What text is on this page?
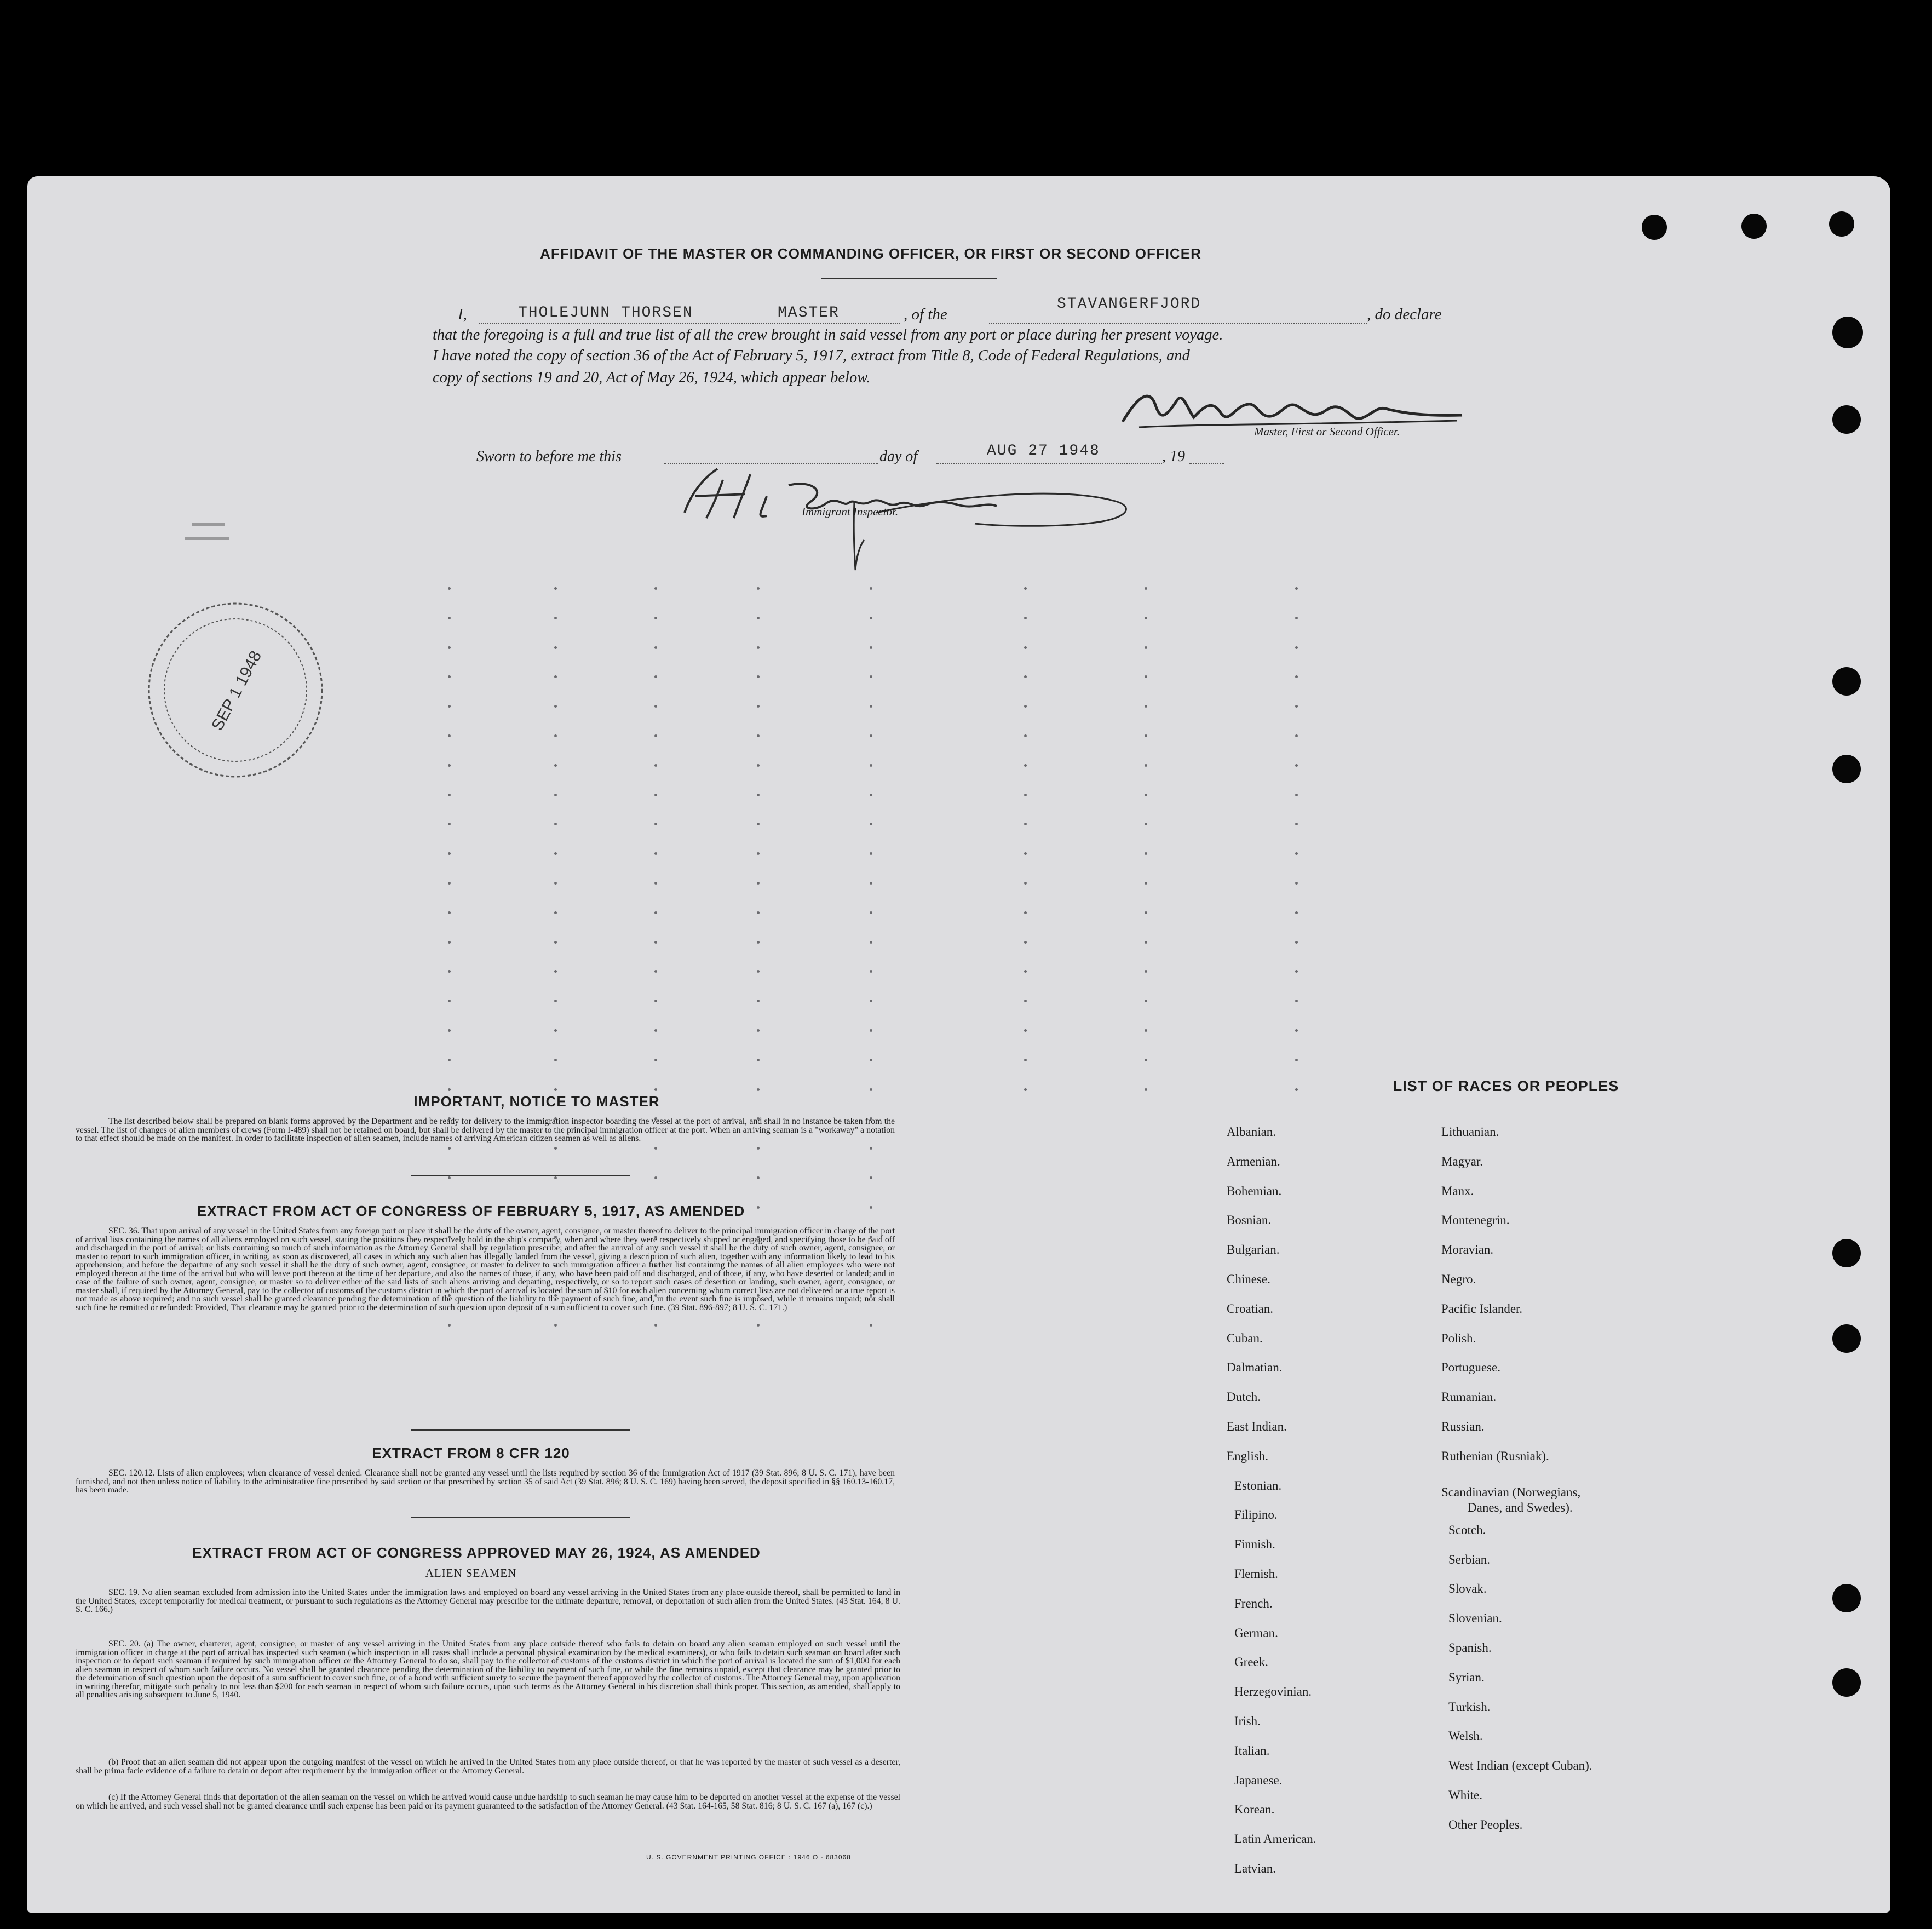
AFFIDAVIT OF THE MASTER OR COMMANDING OFFICER, OR FIRST OR SECOND OFFICER
I,	THOLEJUNN THORSEN	MASTER	, of the
STAVANGERFJORD
, do declare
that the foregoing is a full and true list of all the crew brought in said vessel from any port or place during her present voyage.
I have noted the copy of section 36 of the Act of February 5, 1917, extract from Title 8, Code of Federal Regulations, and
copy of sections 19 and 20, Act of May 26, 1924, which appear below.
Master, First or Second Officer.
Sworn to before me this	day of	AUG 27 1948	, 19
Immigrant Inspector.
SEP 1 1948
IMPORTANT, NOTICE TO MASTER
The list described below shall be prepared on blank forms approved by the Department and be ready for delivery to the immigration inspector boarding the vessel at the port of arrival, and shall in no instance be taken from the vessel. The list of changes of alien members of crews (Form I-489) shall not be retained on board, but shall be delivered by the master to the principal immigration officer at the port. When an arriving seaman is a "workaway" a notation to that effect should be made on the manifest. In order to facilitate inspection of alien seamen, include names of arriving American citizen seamen as well as aliens.
EXTRACT FROM ACT OF CONGRESS OF FEBRUARY 5, 1917, AS AMENDED
SEC. 36. That upon arrival of any vessel in the United States from any foreign port or place it shall be the duty of the owner, agent, consignee, or master thereof to deliver to the principal immigration officer in charge of the port of arrival lists containing the names of all aliens employed on such vessel, stating the positions they respectively hold in the ship's company, when and where they were respectively shipped or engaged, and specifying those to be paid off and discharged in the port of arrival; or lists containing so much of such information as the Attorney General shall by regulation prescribe; and after the arrival of any such vessel it shall be the duty of such owner, agent, consignee, or master to report to such immigration officer, in writing, as soon as discovered, all cases in which any such alien has illegally landed from the vessel, giving a description of such alien, together with any information likely to lead to his apprehension; and before the departure of any such vessel it shall be the duty of such owner, agent, consignee, or master to deliver to such immigration officer a further list containing the names of all alien employees who were not employed thereon at the time of the arrival but who will leave port thereon at the time of her departure, and also the names of those, if any, who have been paid off and discharged, and of those, if any, who have deserted or landed; and in case of the failure of such owner, agent, consignee, or master so to deliver either of the said lists of such aliens arriving and departing, respectively, or so to report such cases of desertion or landing, such owner, agent, consignee, or master shall, if required by the Attorney General, pay to the collector of customs of the customs district in which the port of arrival is located the sum of $10 for each alien concerning whom correct lists are not delivered or a true report is not made as above required; and no such vessel shall be granted clearance pending the determination of the question of the liability to the payment of such fine, and, in the event such fine is imposed, while it remains unpaid; nor shall such fine be remitted or refunded: Provided, That clearance may be granted prior to the determination of such question upon deposit of a sum sufficient to cover such fine. (39 Stat. 896-897; 8 U. S. C. 171.)
EXTRACT FROM 8 CFR 120
SEC. 120.12. Lists of alien employees; when clearance of vessel denied. Clearance shall not be granted any vessel until the lists required by section 36 of the Immigration Act of 1917 (39 Stat. 896; 8 U. S. C. 171), have been furnished, and not then unless notice of liability to the administrative fine prescribed by said section or that prescribed by section 35 of said Act (39 Stat. 896; 8 U. S. C. 169) having been served, the deposit specified in §§ 160.13-160.17, has been made.
EXTRACT FROM ACT OF CONGRESS APPROVED MAY 26, 1924, AS AMENDED
ALIEN SEAMEN
SEC. 19. No alien seaman excluded from admission into the United States under the immigration laws and employed on board any vessel arriving in the United States from any place outside thereof, shall be permitted to land in the United States, except temporarily for medical treatment, or pursuant to such regulations as the Attorney General may prescribe for the ultimate departure, removal, or deportation of such alien from the United States. (43 Stat. 164, 8 U. S. C. 166.)
SEC. 20. (a) The owner, charterer, agent, consignee, or master of any vessel arriving in the United States from any place outside thereof who fails to detain on board any alien seaman employed on such vessel until the immigration officer in charge at the port of arrival has inspected such seaman (which inspection in all cases shall include a personal physical examination by the medical examiners), or who fails to detain such seaman on board after such inspection or to deport such seaman if required by such immigration officer or the Attorney General to do so, shall pay to the collector of customs of the customs district in which the port of arrival is located the sum of $1,000 for each alien seaman in respect of whom such failure occurs. No vessel shall be granted clearance pending the determination of the liability to payment of such fine, or while the fine remains unpaid, except that clearance may be granted prior to the determination of such question upon the deposit of a sum sufficient to cover such fine, or of a bond with sufficient surety to secure the payment thereof approved by the collector of customs. The Attorney General may, upon application in writing therefor, mitigate such penalty to not less than $200 for each seaman in respect of whom such failure occurs, upon such terms as the Attorney General in his discretion shall think proper. This section, as amended, shall apply to all penalties arising subsequent to June 5, 1940.
(b) Proof that an alien seaman did not appear upon the outgoing manifest of the vessel on which he arrived in the United States from any place outside thereof, or that he was reported by the master of such vessel as a deserter, shall be prima facie evidence of a failure to detain or deport after requirement by the immigration officer or the Attorney General.
(c) If the Attorney General finds that deportation of the alien seaman on the vessel on which he arrived would cause undue hardship to such seaman he may cause him to be deported on another vessel at the expense of the vessel on which he arrived, and such vessel shall not be granted clearance until such expense has been paid or its payment guaranteed to the satisfaction of the Attorney General. (43 Stat. 164-165, 58 Stat. 816; 8 U. S. C. 167 (a), 167 (c).)
U. S. GOVERNMENT PRINTING OFFICE : 1946 O - 683068
LIST OF RACES OR PEOPLES
Albanian.
Armenian.
Bohemian.
Bosnian.
Bulgarian.
Chinese.
Croatian.
Cuban.
Dalmatian.
Dutch.
East Indian.
English.
Estonian.
Filipino.
Finnish.
Flemish.
French.
German.
Greek.
Herzegovinian.
Irish.
Italian.
Japanese.
Korean.
Latin American.
Latvian.
Lithuanian.
Magyar.
Manx.
Montenegrin.
Moravian.
Negro.
Pacific Islander.
Polish.
Portuguese.
Rumanian.
Russian.
Ruthenian (Rusniak).
Scandinavian (Norwegians,
Danes, and Swedes).
Scotch.
Serbian.
Slovak.
Slovenian.
Spanish.
Syrian.
Turkish.
Welsh.
West Indian (except Cuban).
White.
Other Peoples.
